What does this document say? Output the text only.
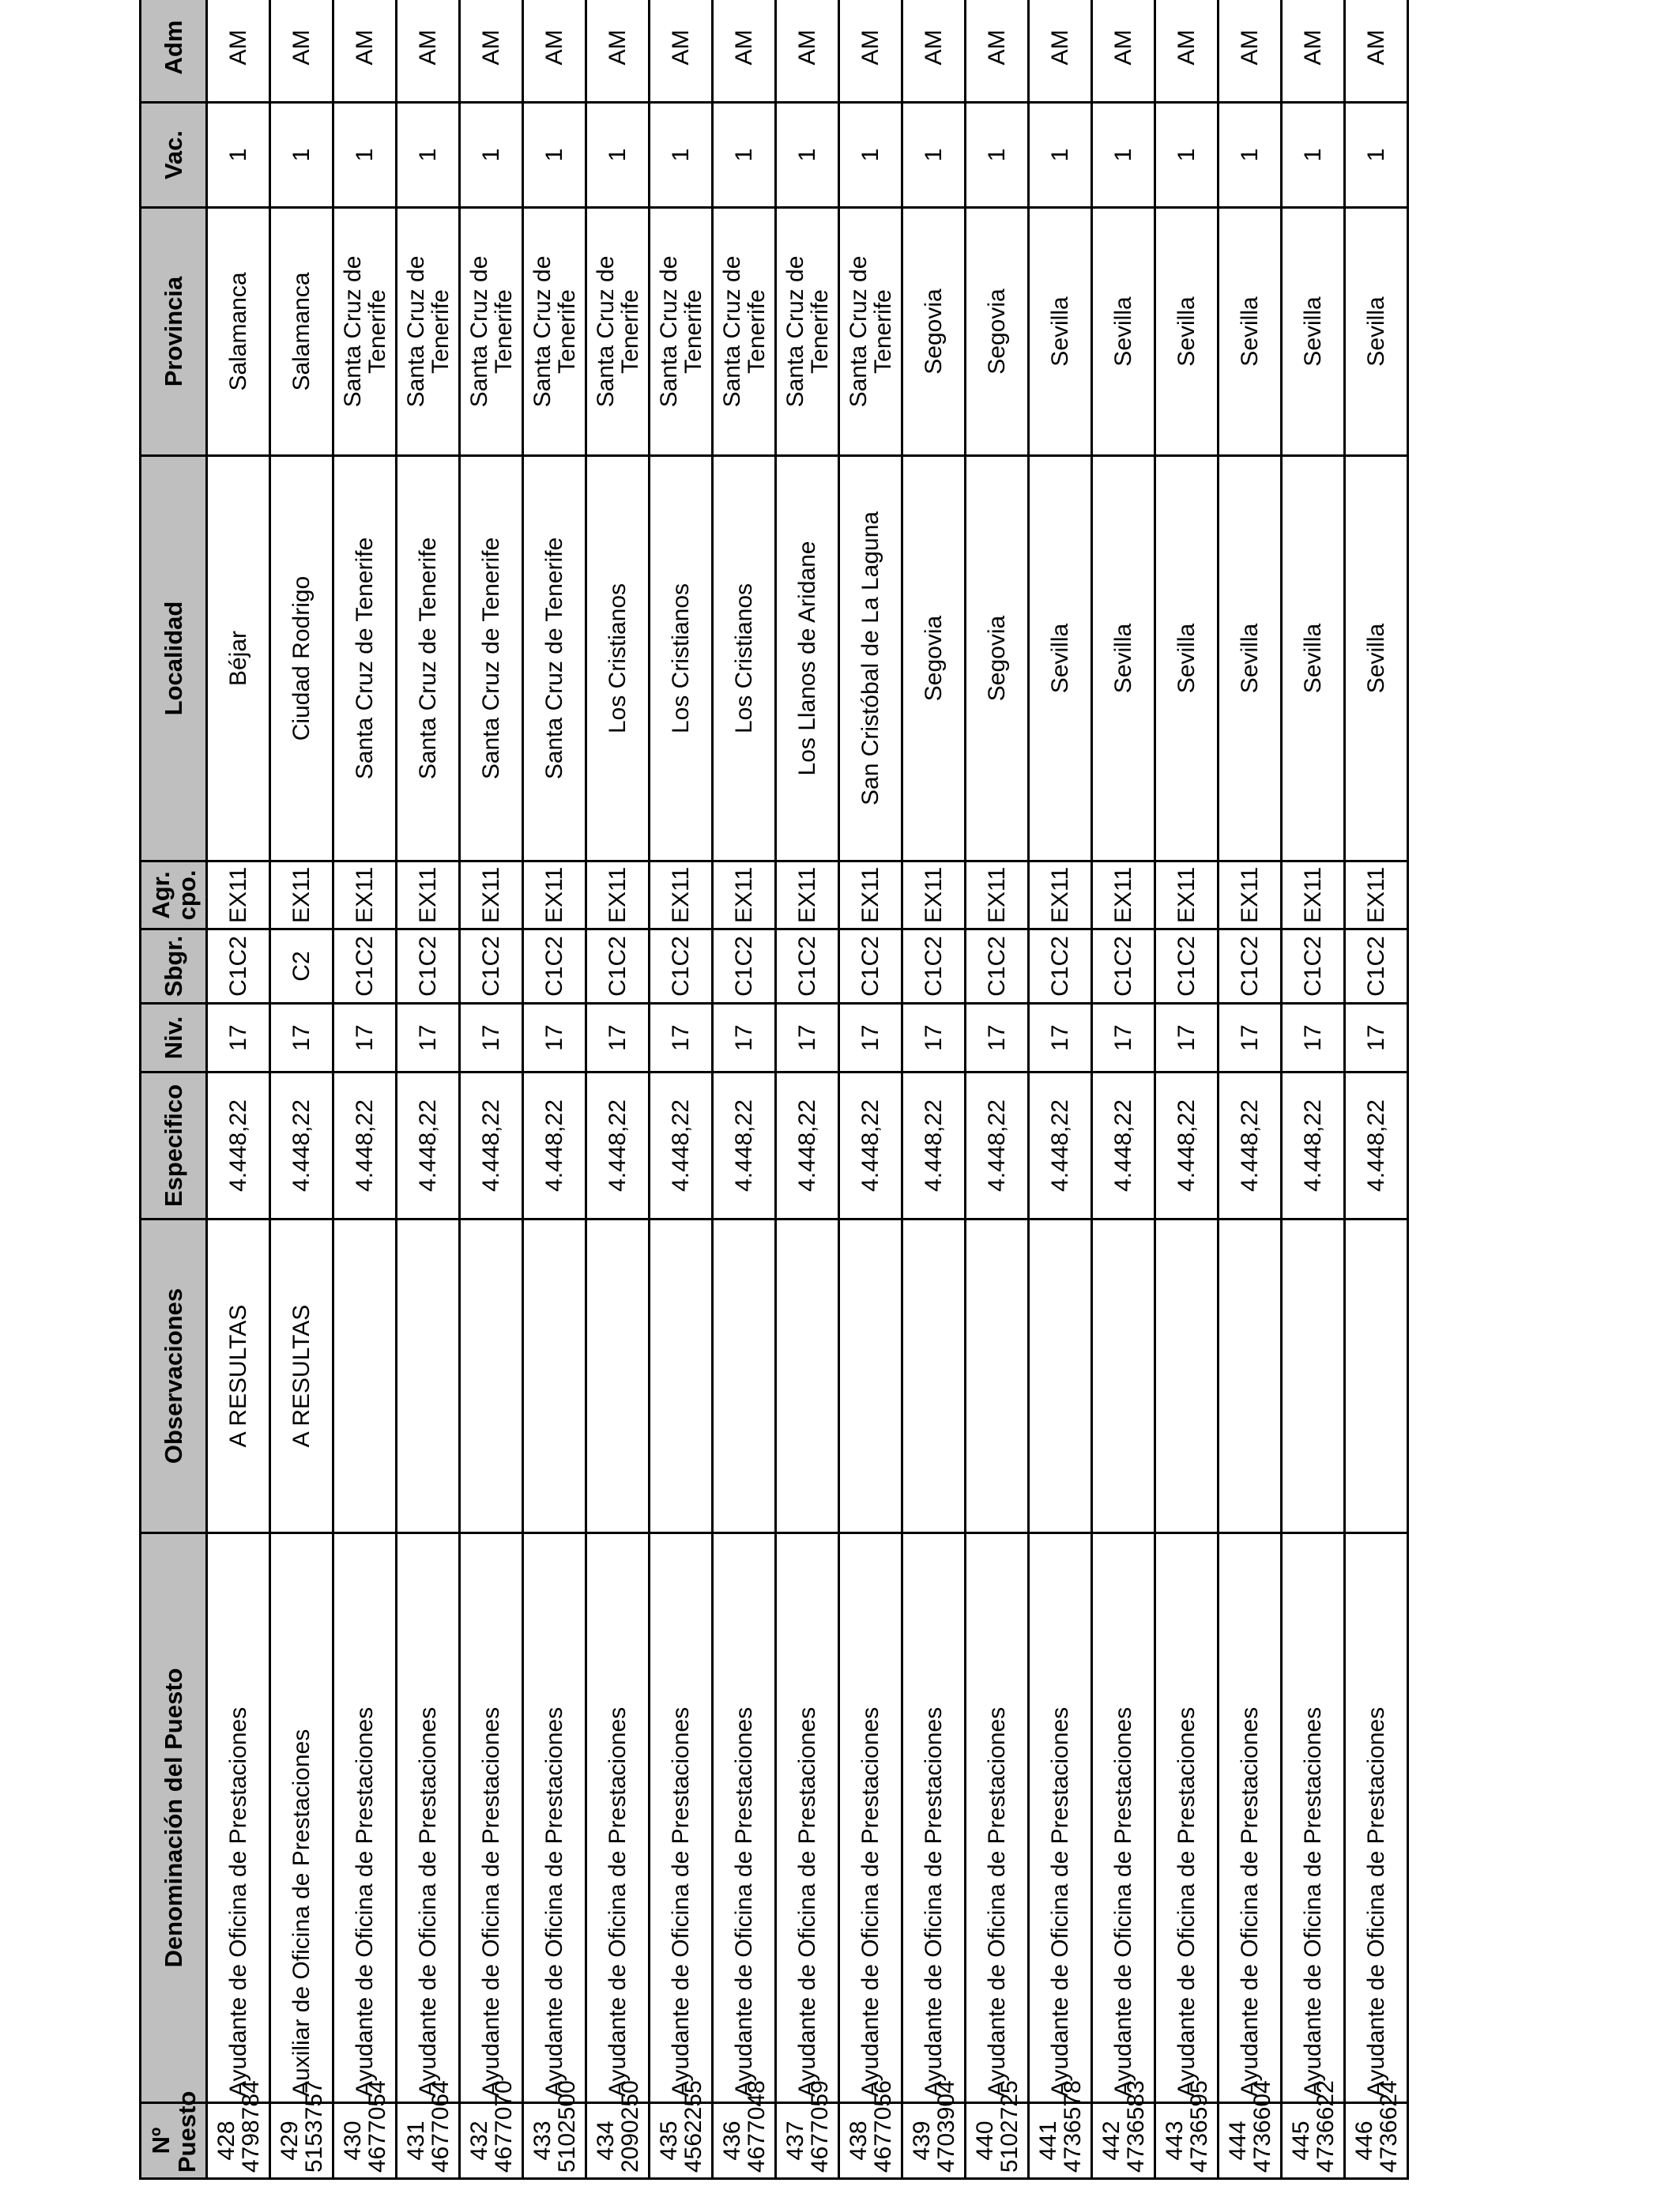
Nº Puesto	Denominación del Puesto	Observaciones	Especifico	Niv.	Sbgr.	Agr. cpo.	Localidad	Provincia	Vac.	Adm

428
4798784	Ayudante de Oficina de Prestaciones	A RESULTAS	4.448,22	17	C1C2	EX11	Béjar	Salamanca	1	AM

429
5153757	Auxiliar de Oficina de Prestaciones	A RESULTAS	4.448,22	17	C2	EX11	Ciudad Rodrigo	Salamanca	1	AM

430
4677054	Ayudante de Oficina de Prestaciones		4.448,22	17	C1C2	EX11	Santa Cruz de Tenerife	Santa Cruz de Tenerife	1	AM

431
4677064	Ayudante de Oficina de Prestaciones		4.448,22	17	C1C2	EX11	Santa Cruz de Tenerife	Santa Cruz de Tenerife	1	AM

432
4677070	Ayudante de Oficina de Prestaciones		4.448,22	17	C1C2	EX11	Santa Cruz de Tenerife	Santa Cruz de Tenerife	1	AM

433
5102500	Ayudante de Oficina de Prestaciones		4.448,22	17	C1C2	EX11	Santa Cruz de Tenerife	Santa Cruz de Tenerife	1	AM

434
2090250	Ayudante de Oficina de Prestaciones		4.448,22	17	C1C2	EX11	Los Cristianos	Santa Cruz de Tenerife	1	AM

435
4562255	Ayudante de Oficina de Prestaciones		4.448,22	17	C1C2	EX11	Los Cristianos	Santa Cruz de Tenerife	1	AM

436
4677048	Ayudante de Oficina de Prestaciones		4.448,22	17	C1C2	EX11	Los Cristianos	Santa Cruz de Tenerife	1	AM

437
4677059	Ayudante de Oficina de Prestaciones		4.448,22	17	C1C2	EX11	Los Llanos de Aridane	Santa Cruz de Tenerife	1	AM

438
4677056	Ayudante de Oficina de Prestaciones		4.448,22	17	C1C2	EX11	San Cristóbal de La Laguna	Santa Cruz de Tenerife	1	AM

439
4703904	Ayudante de Oficina de Prestaciones		4.448,22	17	C1C2	EX11	Segovia	Segovia	1	AM

440
5102725	Ayudante de Oficina de Prestaciones		4.448,22	17	C1C2	EX11	Segovia	Segovia	1	AM

441
4736578	Ayudante de Oficina de Prestaciones		4.448,22	17	C1C2	EX11	Sevilla	Sevilla	1	AM

442
4736583	Ayudante de Oficina de Prestaciones		4.448,22	17	C1C2	EX11	Sevilla	Sevilla	1	AM

443
4736595	Ayudante de Oficina de Prestaciones		4.448,22	17	C1C2	EX11	Sevilla	Sevilla	1	AM

444
4736604	Ayudante de Oficina de Prestaciones		4.448,22	17	C1C2	EX11	Sevilla	Sevilla	1	AM

445
4736622	Ayudante de Oficina de Prestaciones		4.448,22	17	C1C2	EX11	Sevilla	Sevilla	1	AM

446
4736624	Ayudante de Oficina de Prestaciones		4.448,22	17	C1C2	EX11	Sevilla	Sevilla	1	AM
